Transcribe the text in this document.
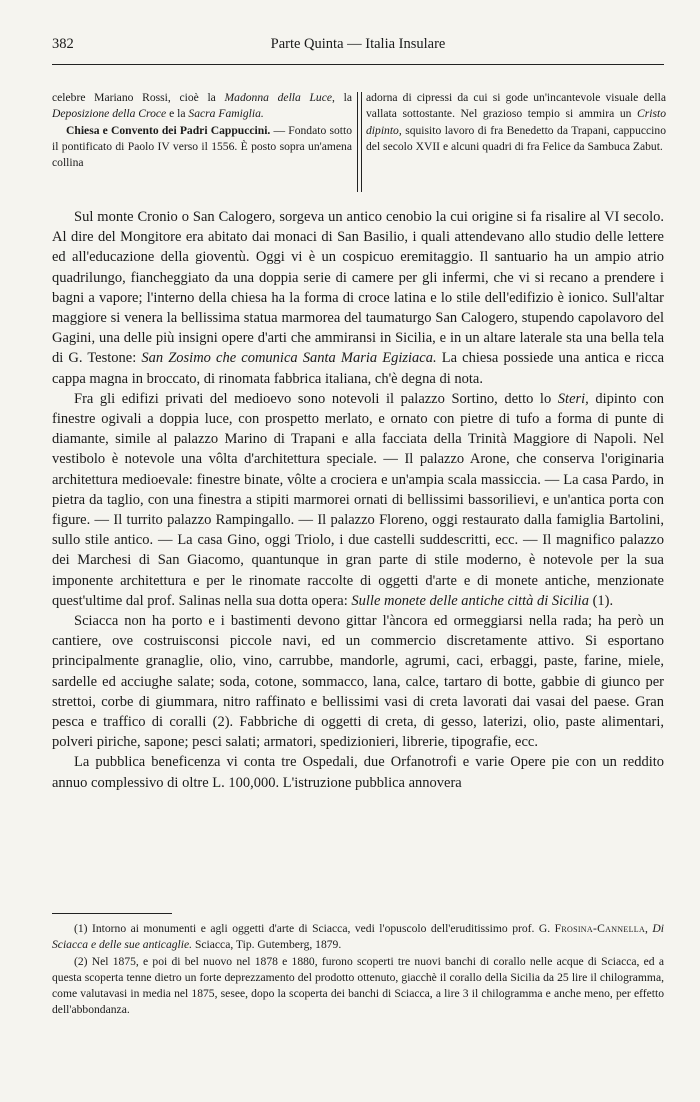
382	Parte Quinta — Italia Insulare

celebre Mariano Rossi, cioè la Madonna della Luce, la Deposizione della Croce e la Sacra Famiglia.

Chiesa e Convento dei Padri Cappuccini. — Fondato sotto il pontificato di Paolo IV verso il 1556. È posto sopra un'amena collina

adorna di cipressi da cui si gode un'incantevole visuale della vallata sottostante. Nel grazioso tempio si ammira un Cristo dipinto, squisito lavoro di fra Benedetto da Trapani, cappuccino del secolo XVII e alcuni quadri di fra Felice da Sambuca Zabut.

Sul monte Cronio o San Calogero, sorgeva un antico cenobio la cui origine si fa risalire al VI secolo. Al dire del Mongitore era abitato dai monaci di San Basilio, i quali attendevano allo studio delle lettere ed all'educazione della gioventù. Oggi vi è un cospicuo eremitaggio. Il santuario ha un ampio atrio quadrilungo, fiancheggiato da una doppia serie di camere per gli infermi, che vi si recano a prendere i bagni a vapore; l'interno della chiesa ha la forma di croce latina e lo stile dell'edifizio è ionico. Sull'altar maggiore si venera la bellissima statua marmorea del taumaturgo San Calogero, stupendo capolavoro del Gagini, una delle più insigni opere d'arti che ammiransi in Sicilia, e in un altare laterale sta una bella tela di G. Testone: San Zosimo che comunica Santa Maria Egiziaca. La chiesa possiede una antica e ricca cappa magna in broccato, di rinomata fabbrica italiana, ch'è degna di nota.

Fra gli edifizi privati del medioevo sono notevoli il palazzo Sortino, detto lo Steri, dipinto con finestre ogivali a doppia luce, con prospetto merlato, e ornato con pietre di tufo a forma di punte di diamante, simile al palazzo Marino di Trapani e alla facciata della Trinità Maggiore di Napoli. Nel vestibolo è notevole una vôlta d'architettura speciale. — Il palazzo Arone, che conserva l'originaria architettura medioevale: finestre binate, vôlte a crociera e un'ampia scala massiccia. — La casa Pardo, in pietra da taglio, con una finestra a stipiti marmorei ornati di bellissimi bassorilievi, e un'antica porta con figure. — Il turrito palazzo Rampingallo. — Il palazzo Floreno, oggi restaurato dalla famiglia Bartolini, sullo stile antico. — La casa Gino, oggi Triolo, i due castelli suddescritti, ecc. — Il magnifico palazzo dei Marchesi di San Giacomo, quantunque in gran parte di stile moderno, è notevole per la sua imponente architettura e per le rinomate raccolte di oggetti d'arte e di monete antiche, menzionate quest'ultime dal prof. Salinas nella sua dotta opera: Sulle monete delle antiche città di Sicilia (1).

Sciacca non ha porto e i bastimenti devono gittar l'àncora ed ormeggiarsi nella rada; ha però un cantiere, ove costruisconsi piccole navi, ed un commercio discretamente attivo. Si esportano principalmente granaglie, olio, vino, carrubbe, mandorle, agrumi, caci, erbaggi, paste, farine, miele, sardelle ed acciughe salate; soda, cotone, sommacco, lana, calce, tartaro di botte, gabbie di giunco per strettoi, corbe di giummara, nitro raffinato e bellissimi vasi di creta lavorati dai vasai del paese. Gran pesca e traffico di coralli (2). Fabbriche di oggetti di creta, di gesso, laterizi, olio, paste alimentari, polveri piriche, sapone; pesci salati; armatori, spedizionieri, librerie, tipografie, ecc.

La pubblica beneficenza vi conta tre Ospedali, due Orfanotrofi e varie Opere pie con un reddito annuo complessivo di oltre L. 100,000. L'istruzione pubblica annovera

(1) Intorno ai monumenti e agli oggetti d'arte di Sciacca, vedi l'opuscolo dell'eruditissimo prof. G. Frosina-Cannella, Di Sciacca e delle sue anticaglie. Sciacca, Tip. Gutemberg, 1879.

(2) Nel 1875, e poi di bel nuovo nel 1878 e 1880, furono scoperti tre nuovi banchi di corallo nelle acque di Sciacca, ed a questa scoperta tenne dietro un forte deprezzamento del prodotto ottenuto, giacchè il corallo della Sicilia da 25 lire il chilogramma, come valutavasi in media nel 1875, sesee, dopo la scoperta dei banchi di Sciacca, a lire 3 il chilogramma e anche meno, per effetto dell'abbondanza.
